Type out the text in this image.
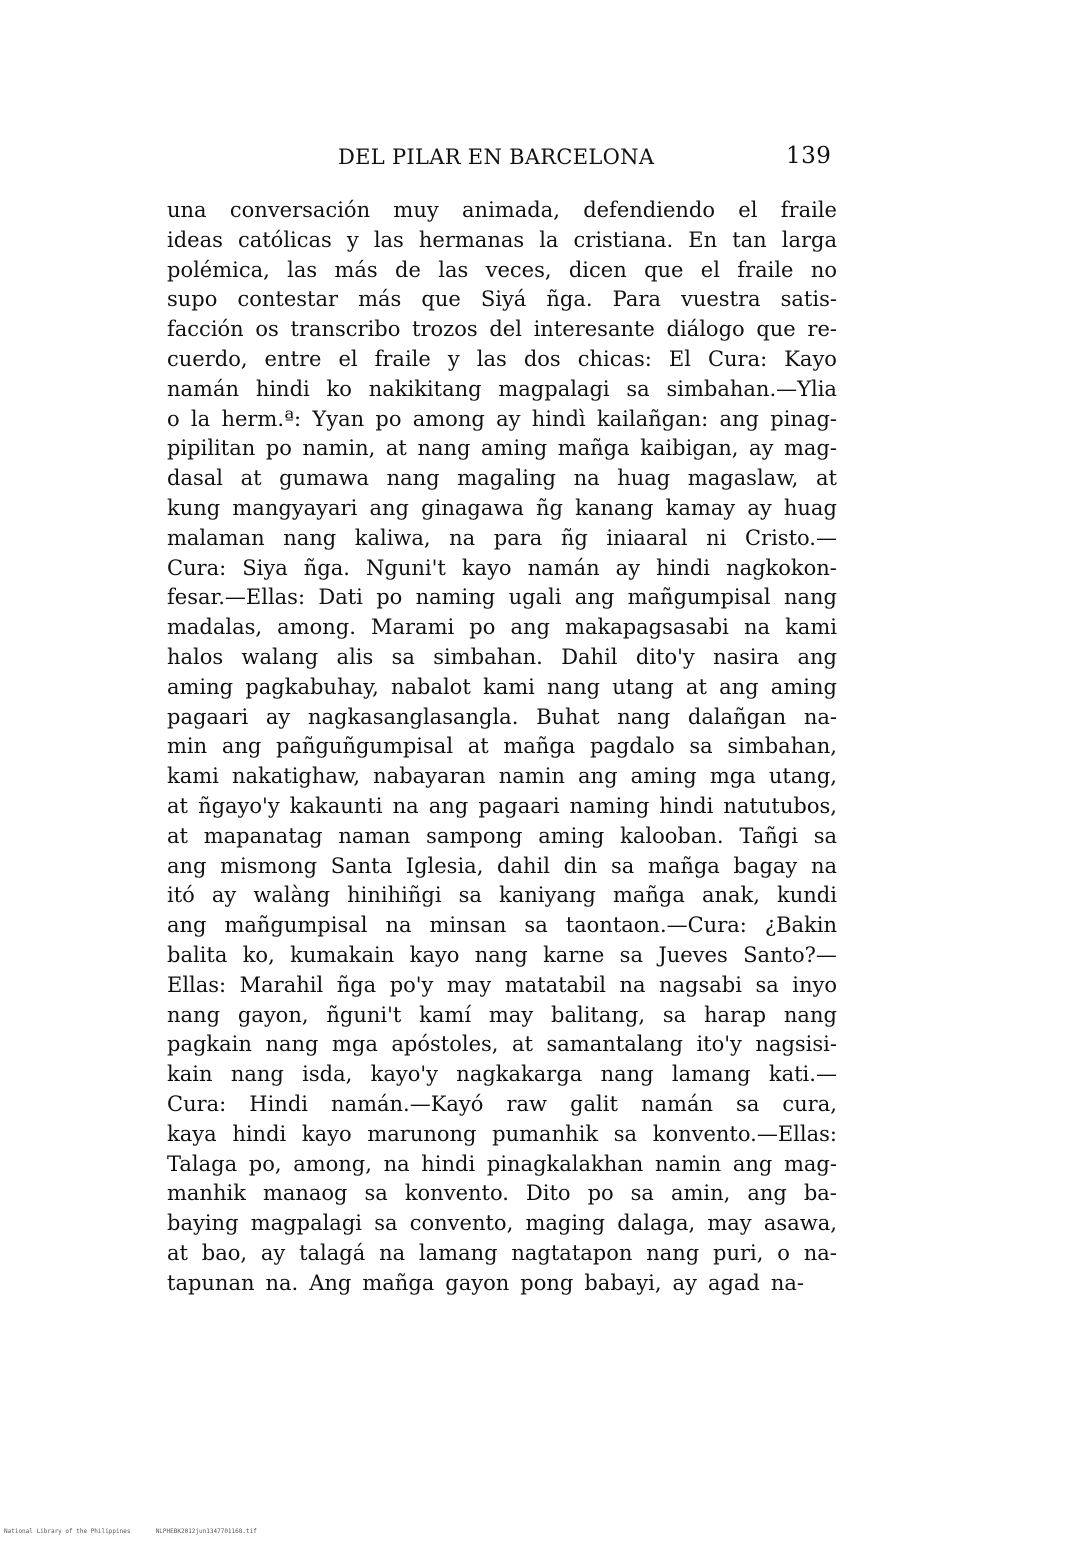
DEL PILAR EN BARCELONA	139
una conversación muy animada, defendiendo el fraile
ideas católicas y las hermanas la cristiana. En tan larga
polémica, las más de las veces, dicen que el fraile no
supo contestar más que Siyá ñga. Para vuestra satis-
facción os transcribo trozos del interesante diálogo que re-
cuerdo, entre el fraile y las dos chicas: El Cura: Kayo
namán hindi ko nakikitang magpalagi sa simbahan.—Ylia
o la herm.ª: Yyan po among ay hindì kailañgan: ang pinag-
pipilitan po namin, at nang aming mañga kaibigan, ay mag-
dasal at gumawa nang magaling na huag magaslaw, at
kung mangyayari ang ginagawa ñg kanang kamay ay huag
malaman nang kaliwa, na para ñg iniaaral ni Cristo.—
Cura: Siya ñga. Nguni't kayo namán ay hindi nagkokon-
fesar.—Ellas: Dati po naming ugali ang mañgumpisal nang
madalas, among. Marami po ang makapagsasabi na kami
halos walang alis sa simbahan. Dahil dito'y nasira ang
aming pagkabuhay, nabalot kami nang utang at ang aming
pagaari ay nagkasanglasangla. Buhat nang dalañgan na-
min ang pañguñgumpisal at mañga pagdalo sa simbahan,
kami nakatighaw, nabayaran namin ang aming mga utang,
at ñgayo'y kakaunti na ang pagaari naming hindi natutubos,
at mapanatag naman sampong aming kalooban. Tañgi sa
ang mismong Santa Iglesia, dahil din sa mañga bagay na
itó ay walàng hinihiñgi sa kaniyang mañga anak, kundi
ang mañgumpisal na minsan sa taontaon.—Cura: ¿Bakin
balita ko, kumakain kayo nang karne sa Jueves Santo?—
Ellas: Marahil ñga po'y may matatabil na nagsabi sa inyo
nang gayon, ñguni't kamí may balitang, sa harap nang
pagkain nang mga apóstoles, at samantalang ito'y nagsisi-
kain nang isda, kayo'y nagkakarga nang lamang kati.—
Cura: Hindi namán.—Kayó raw galit namán sa cura,
kaya hindi kayo marunong pumanhik sa konvento.—Ellas:
Talaga po, among, na hindi pinagkalakhan namin ang mag-
manhik manaog sa konvento. Dito po sa amin, ang ba-
baying magpalagi sa convento, maging dalaga, may asawa,
at bao, ay talagá na lamang nagtatapon nang puri, o na-
tapunan na. Ang mañga gayon pong babayi, ay agad na-
National Library of the Philippines	NLPHEBK2012jun1347701168.tif
